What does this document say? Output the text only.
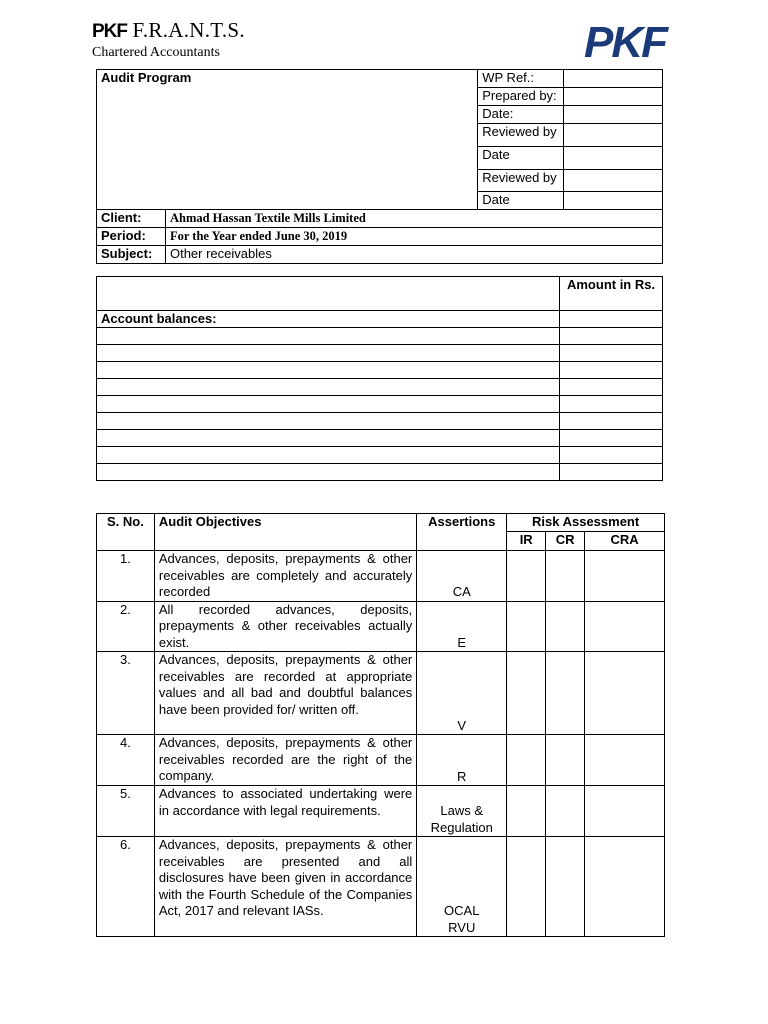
PKF F.R.A.N.T.S.
Chartered Accountants	PKF
Audit Program		WP Ref.:	
		Prepared by:	
		Date:	
		Reviewed by	
		Date	
		Reviewed by	
		Date	
Client:	Ahmad Hassan Textile Mills Limited		
Period:	For the Year ended June 30, 2019		
Subject:	Other receivables		
	Amount in Rs.
Account balances:	

S. No.	Audit Objectives	Assertions	Risk Assessment		
			IR	CR	CRA
1.	Advances, deposits, prepayments & other receivables are completely and accurately recorded	CA			
2.	All recorded advances, deposits, prepayments & other receivables actually exist.	E			
3.	Advances, deposits, prepayments & other receivables are recorded at appropriate values and all bad and doubtful balances have been provided for/ written off.	V			
4.	Advances, deposits, prepayments & other receivables recorded are the right of the company.	R			
5.	Advances to associated undertaking were in accordance with legal requirements.	Laws & Regulation			
6.	Advances, deposits, prepayments & other receivables are presented and all disclosures have been given in accordance with the Fourth Schedule of the Companies Act, 2017 and relevant IASs.	OCAL RVU			
